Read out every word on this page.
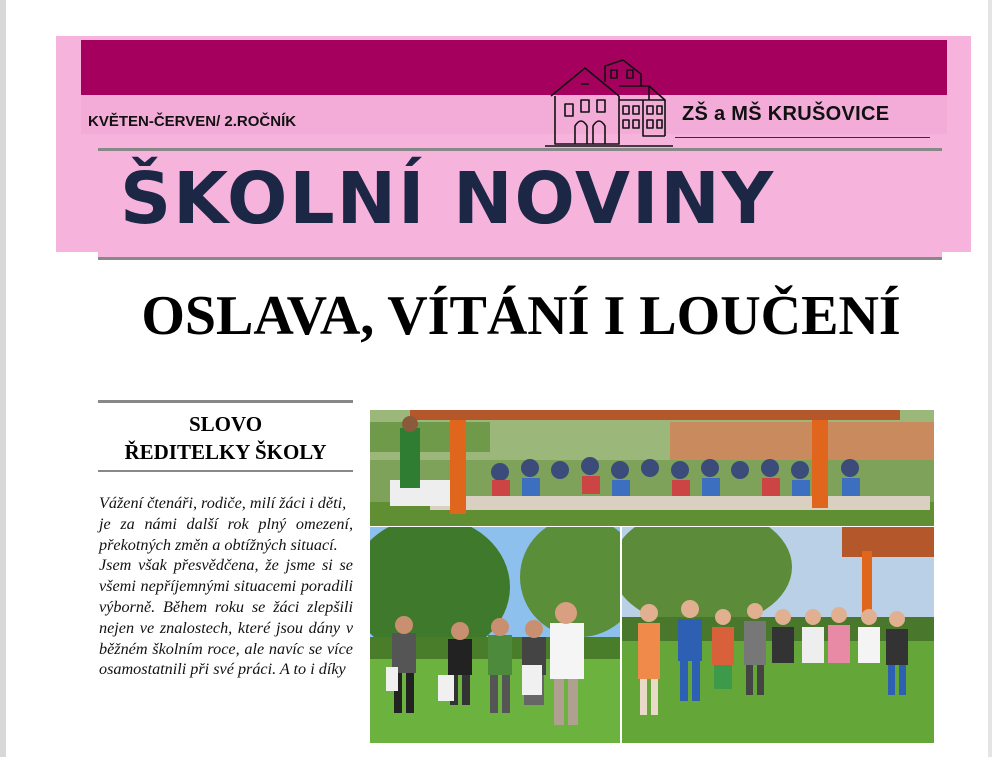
KVĚTEN-ČERVEN/ 2.ROČNÍK	ZŠ a MŠ KRUŠOVICE
ŠKOLNÍ NOVINY
OSLAVA, VÍTÁNÍ I LOUČENÍ
SLOVO
ŘEDITELKY ŠKOLY

Vážení čtenáři, rodiče, milí žáci i děti,

je za námi další rok plný omezení, překotných změn a obtížných situací.

Jsem však přesvědčena, že jsme si se všemi nepříjemnými situacemi poradili výborně. Během roku se žáci zlepšili nejen ve znalostech, které jsou dány v běžném školním roce, ale navíc se více osamostatnili při své práci. A to i díky
